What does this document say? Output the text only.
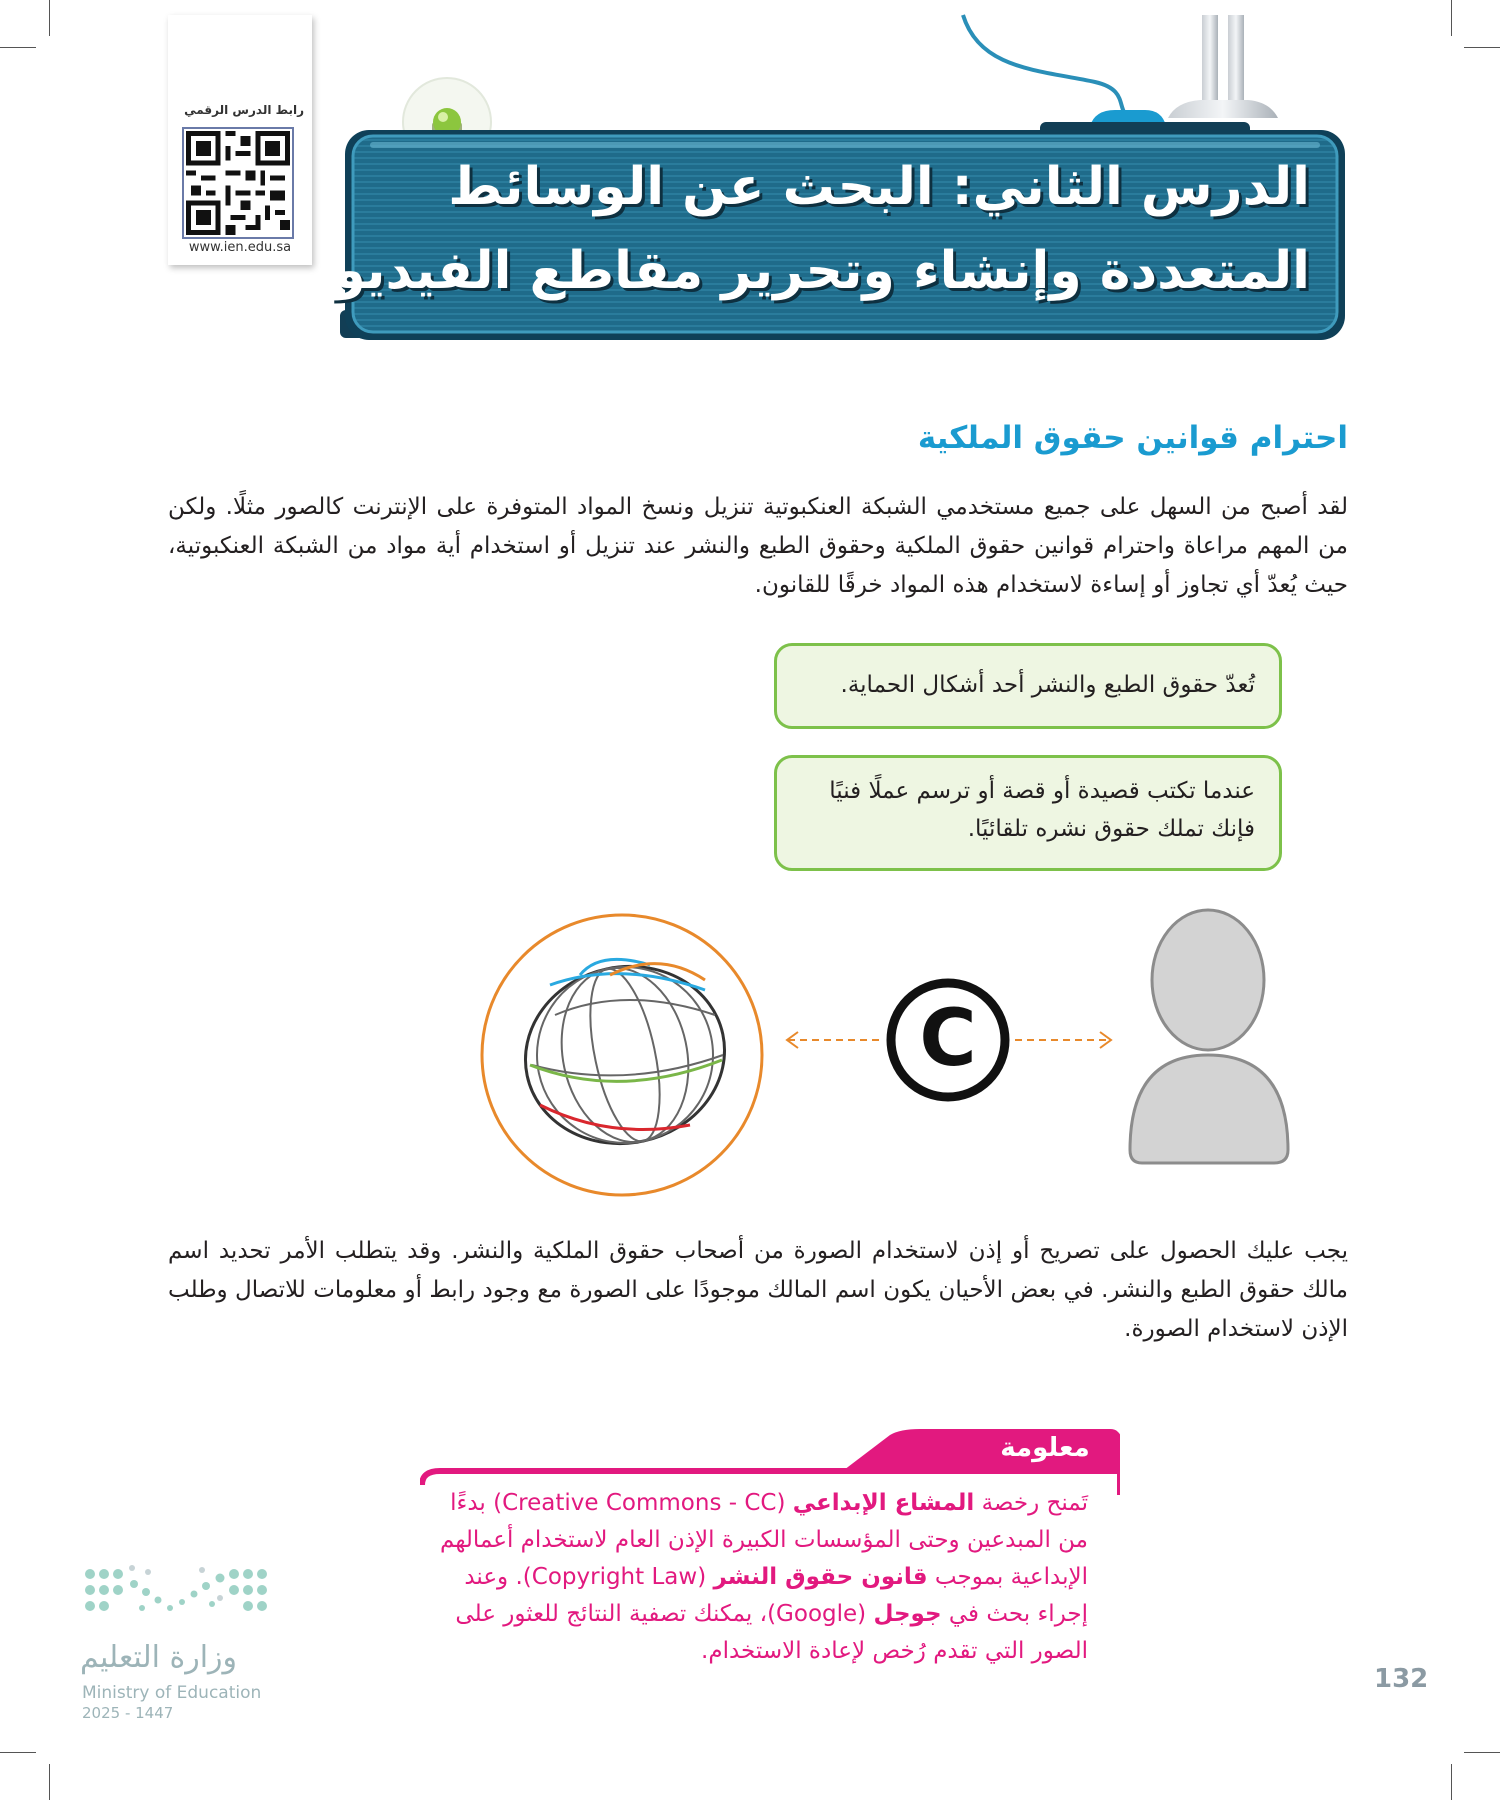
رابط الدرس الرقمي
www.ien.edu.sa
الدرس الثاني: البحث عن الوسائط
المتعددة وإنشاء وتحرير مقاطع الفيديو
احترام قوانين حقوق الملكية
لقد أصبح من السهل على جميع مستخدمي الشبكة العنكبوتية تنزيل ونسخ المواد المتوفرة على الإنترنت كالصور مثلًا. ولكن من المهم مراعاة واحترام قوانين حقوق الملكية وحقوق الطبع والنشر عند تنزيل أو استخدام أية مواد من الشبكة العنكبوتية، حيث يُعدّ أي تجاوز أو إساءة لاستخدام هذه المواد خرقًا للقانون.
تُعدّ حقوق الطبع والنشر أحد أشكال الحماية.
عندما تكتب قصيدة أو قصة أو ترسم عملًا فنيًا فإنك تملك حقوق نشره تلقائيًا.
C
يجب عليك الحصول على تصريح أو إذن لاستخدام الصورة من أصحاب حقوق الملكية والنشر. وقد يتطلب الأمر تحديد اسم مالك حقوق الطبع والنشر. في بعض الأحيان يكون اسم المالك موجودًا على الصورة مع وجود رابط أو معلومات للاتصال وطلب الإذن لاستخدام الصورة.
معلومة
تَمنح رخصة المشاع الإبداعي (Creative Commons - CC) بدءًا من المبدعين وحتى المؤسسات الكبيرة الإذن العام لاستخدام أعمالهم الإبداعية بموجب قانون حقوق النشر (Copyright Law). وعند إجراء بحث في جوجل (Google)، يمكنك تصفية النتائج للعثور على الصور التي تقدم رُخص لإعادة الاستخدام.
وزارة التعليم
Ministry of Education
2025 - 1447
132
